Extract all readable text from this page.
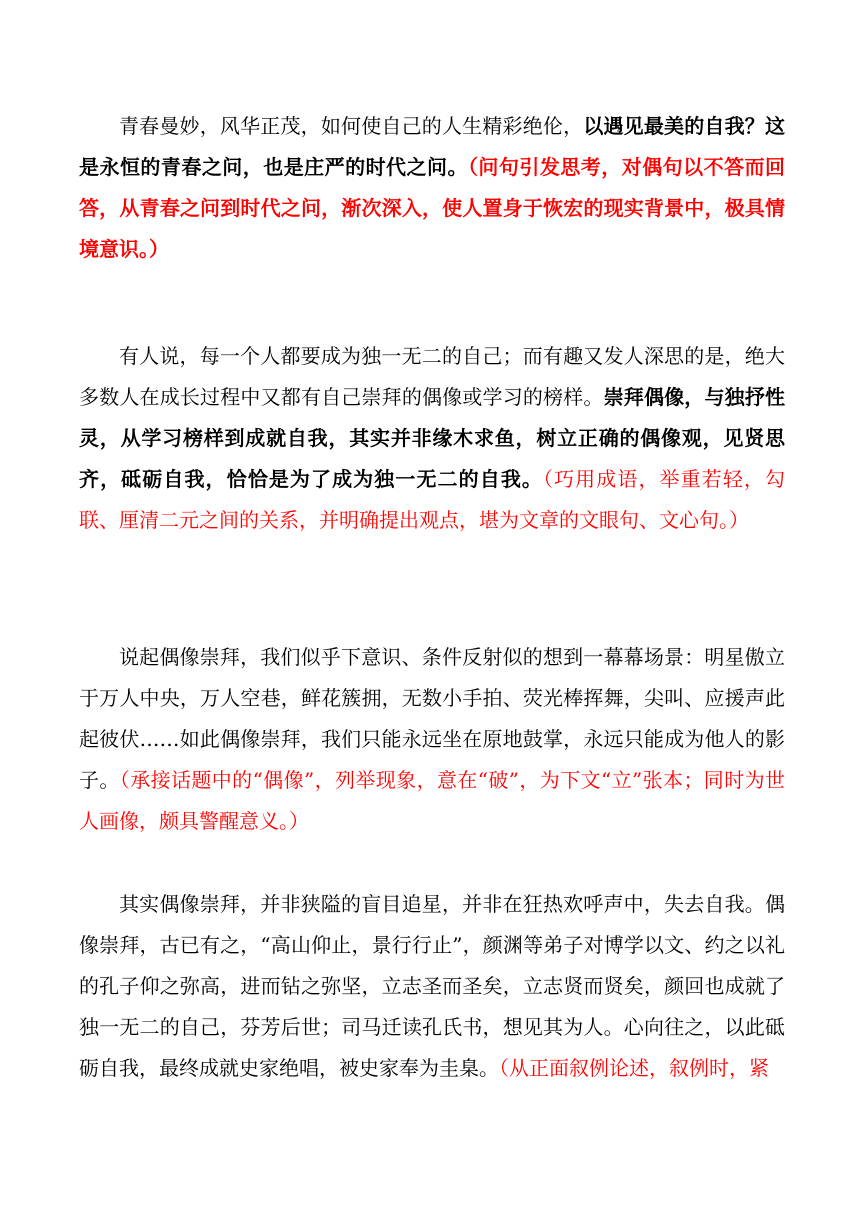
青春曼妙，风华正茂，如何使自己的人生精彩绝伦，以遇见最美的自我？这是永恒的青春之问，也是庄严的时代之问。（问句引发思考，对偶句以不答而回答，从青春之问到时代之问，渐次深入，使人置身于恢宏的现实背景中，极具情境意识。）

有人说，每一个人都要成为独一无二的自己；而有趣又发人深思的是，绝大多数人在成长过程中又都有自己崇拜的偶像或学习的榜样。崇拜偶像，与独抒性灵，从学习榜样到成就自我，其实并非缘木求鱼，树立正确的偶像观，见贤思齐，砥砺自我，恰恰是为了成为独一无二的自我。（巧用成语，举重若轻，勾联、厘清二元之间的关系，并明确提出观点，堪为文章的文眼句、文心句。）

说起偶像崇拜，我们似乎下意识、条件反射似的想到一幕幕场景：明星傲立于万人中央，万人空巷，鲜花簇拥，无数小手拍、荧光棒挥舞，尖叫、应援声此起彼伏……如此偶像崇拜，我们只能永远坐在原地鼓掌，永远只能成为他人的影子。（承接话题中的“偶像”，列举现象，意在“破”，为下文“立”张本；同时为世人画像，颇具警醒意义。）

其实偶像崇拜，并非狭隘的盲目追星，并非在狂热欢呼声中，失去自我。偶像崇拜，古已有之，“高山仰止，景行行止”，颜渊等弟子对博学以文、约之以礼的孔子仰之弥高，进而钻之弥坚，立志圣而圣矣，立志贤而贤矣，颜回也成就了独一无二的自己，芬芳后世；司马迁读孔氏书，想见其为人。心向往之，以此砥砺自我，最终成就史家绝唱，被史家奉为圭臬。（从正面叙例论述，叙例时，紧
